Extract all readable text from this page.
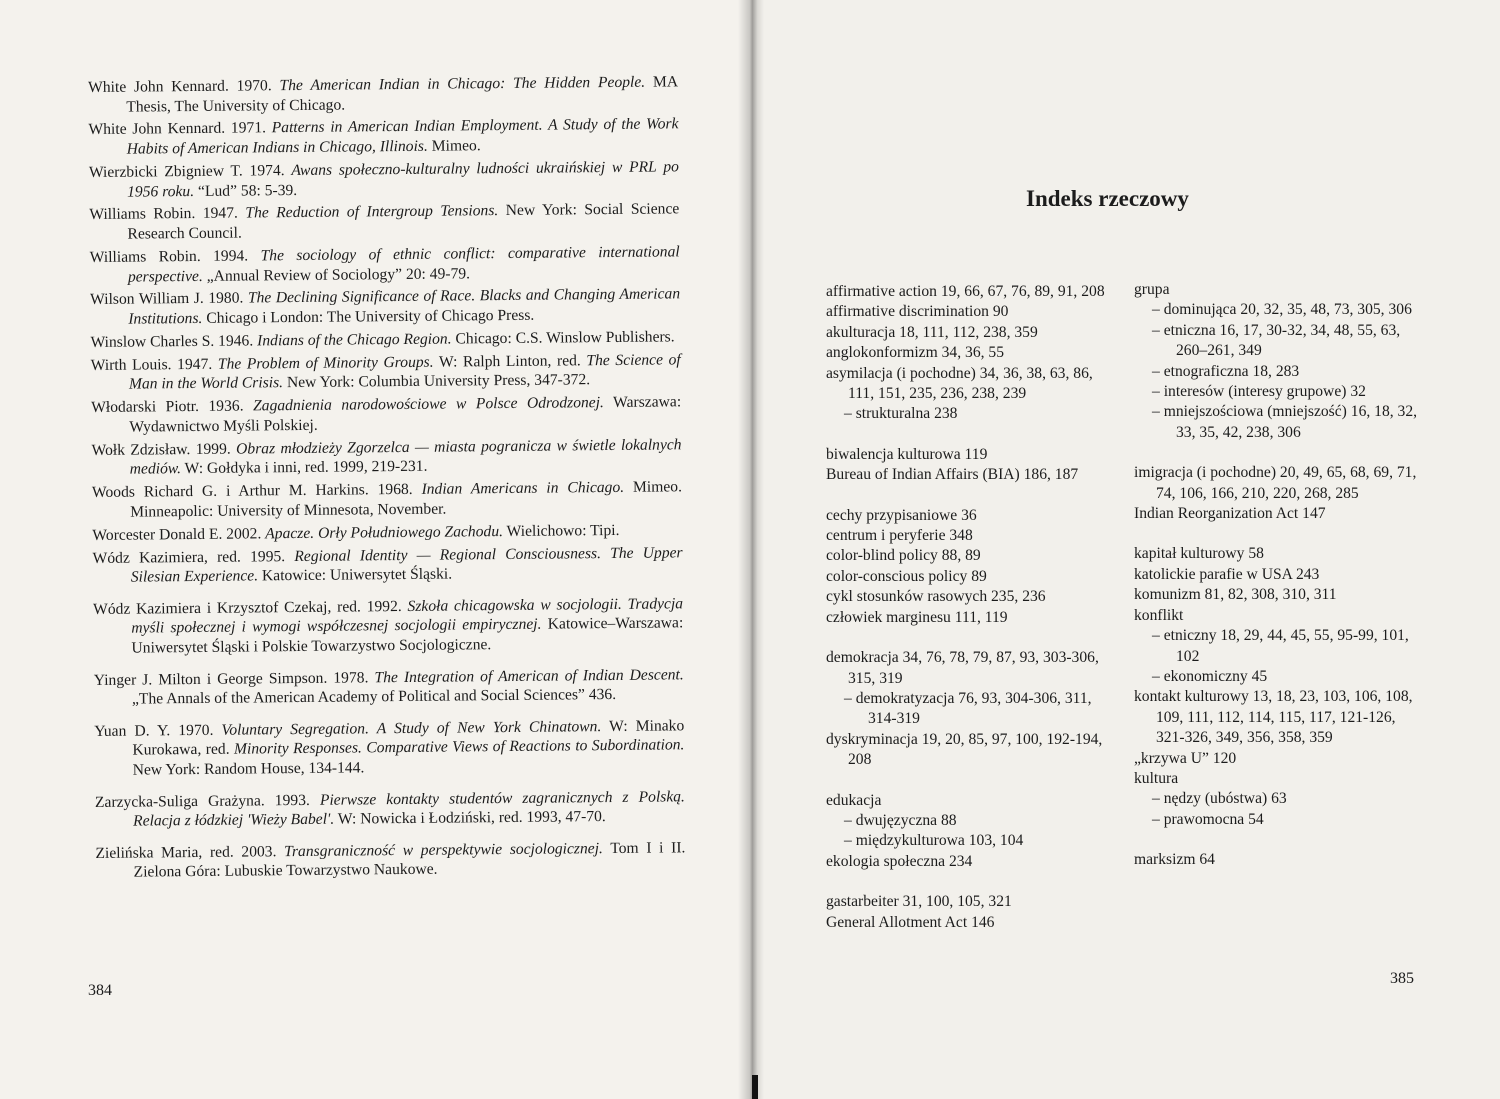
White John Kennard. 1970. The American Indian in Chicago: The Hidden People. MA Thesis, The University of Chicago.
White John Kennard. 1971. Patterns in American Indian Employment. A Study of the Work Habits of American Indians in Chicago, Illinois. Mimeo.
Wierzbicki Zbigniew T. 1974. Awans społeczno-kulturalny ludności ukraińskiej w PRL po 1956 roku. “Lud” 58: 5-39.
Williams Robin. 1947. The Reduction of Intergroup Tensions. New York: Social Science Research Council.
Williams Robin. 1994. The sociology of ethnic conflict: comparative international perspective. „Annual Review of Sociology” 20: 49-79.
Wilson William J. 1980. The Declining Significance of Race. Blacks and Changing American Institutions. Chicago i London: The University of Chicago Press.
Winslow Charles S. 1946. Indians of the Chicago Region. Chicago: C.S. Winslow Publishers.
Wirth Louis. 1947. The Problem of Minority Groups. W: Ralph Linton, red. The Science of Man in the World Crisis. New York: Columbia University Press, 347-372.
Włodarski Piotr. 1936. Zagadnienia narodowościowe w Polsce Odrodzonej. Warszawa: Wydawnictwo Myśli Polskiej.
Wołk Zdzisław. 1999. Obraz młodzieży Zgorzelca — miasta pogranicza w świetle lokalnych mediów. W: Gołdyka i inni, red. 1999, 219-231.
Woods Richard G. i Arthur M. Harkins. 1968. Indian Americans in Chicago. Mimeo. Minneapolic: University of Minnesota, November.
Worcester Donald E. 2002. Apacze. Orły Południowego Zachodu. Wielichowo: Tipi.
Wódz Kazimiera, red. 1995. Regional Identity — Regional Consciousness. The Upper Silesian Experience. Katowice: Uniwersytet Śląski.
Wódz Kazimiera i Krzysztof Czekaj, red. 1992. Szkoła chicagowska w socjologii. Tradycja myśli społecznej i wymogi współczesnej socjologii empirycznej. Katowice–Warszawa: Uniwersytet Śląski i Polskie Towarzystwo Socjologiczne.
Yinger J. Milton i George Simpson. 1978. The Integration of American of Indian Descent. „The Annals of the American Academy of Political and Social Sciences” 436.
Yuan D. Y. 1970. Voluntary Segregation. A Study of New York Chinatown. W: Minako Kurokawa, red. Minority Responses. Comparative Views of Reactions to Subordination. New York: Random House, 134-144.
Zarzycka-Suliga Grażyna. 1993. Pierwsze kontakty studentów zagranicznych z Polską. Relacja z łódzkiej 'Wieży Babel'. W: Nowicka i Łodziński, red. 1993, 47-70.
Zielińska Maria, red. 2003. Transgraniczność w perspektywie socjologicznej. Tom I i II. Zielona Góra: Lubuskie Towarzystwo Naukowe.
384
Indeks rzeczowy
affirmative action 19, 66, 67, 76, 89, 91, 208
affirmative discrimination 90
akulturacja 18, 111, 112, 238, 359
anglokonformizm 34, 36, 55
asymilacja (i pochodne) 34, 36, 38, 63, 86, 111, 151, 235, 236, 238, 239
– strukturalna 238
biwalencja kulturowa 119
Bureau of Indian Affairs (BIA) 186, 187
cechy przypisaniowe 36
centrum i peryferie 348
color-blind policy 88, 89
color-conscious policy 89
cykl stosunków rasowych 235, 236
człowiek marginesu 111, 119
demokracja 34, 76, 78, 79, 87, 93, 303-306, 315, 319
– demokratyzacja 76, 93, 304-306, 311, 314-319
dyskryminacja 19, 20, 85, 97, 100, 192-194, 208
edukacja
– dwujęzyczna 88
– międzykulturowa 103, 104
ekologia społeczna 234
gastarbeiter 31, 100, 105, 321
General Allotment Act 146
grupa
– dominująca 20, 32, 35, 48, 73, 305, 306
– etniczna 16, 17, 30-32, 34, 48, 55, 63, 260–261, 349
– etnograficzna 18, 283
– interesów (interesy grupowe) 32
– mniejszościowa (mniejszość) 16, 18, 32, 33, 35, 42, 238, 306
imigracja (i pochodne) 20, 49, 65, 68, 69, 71, 74, 106, 166, 210, 220, 268, 285
Indian Reorganization Act 147
kapitał kulturowy 58
katolickie parafie w USA 243
komunizm 81, 82, 308, 310, 311
konflikt
– etniczny 18, 29, 44, 45, 55, 95-99, 101, 102
– ekonomiczny 45
kontakt kulturowy 13, 18, 23, 103, 106, 108, 109, 111, 112, 114, 115, 117, 121-126, 321-326, 349, 356, 358, 359
„krzywa U” 120
kultura
– nędzy (ubóstwa) 63
– prawomocna 54
marksizm 64
385
